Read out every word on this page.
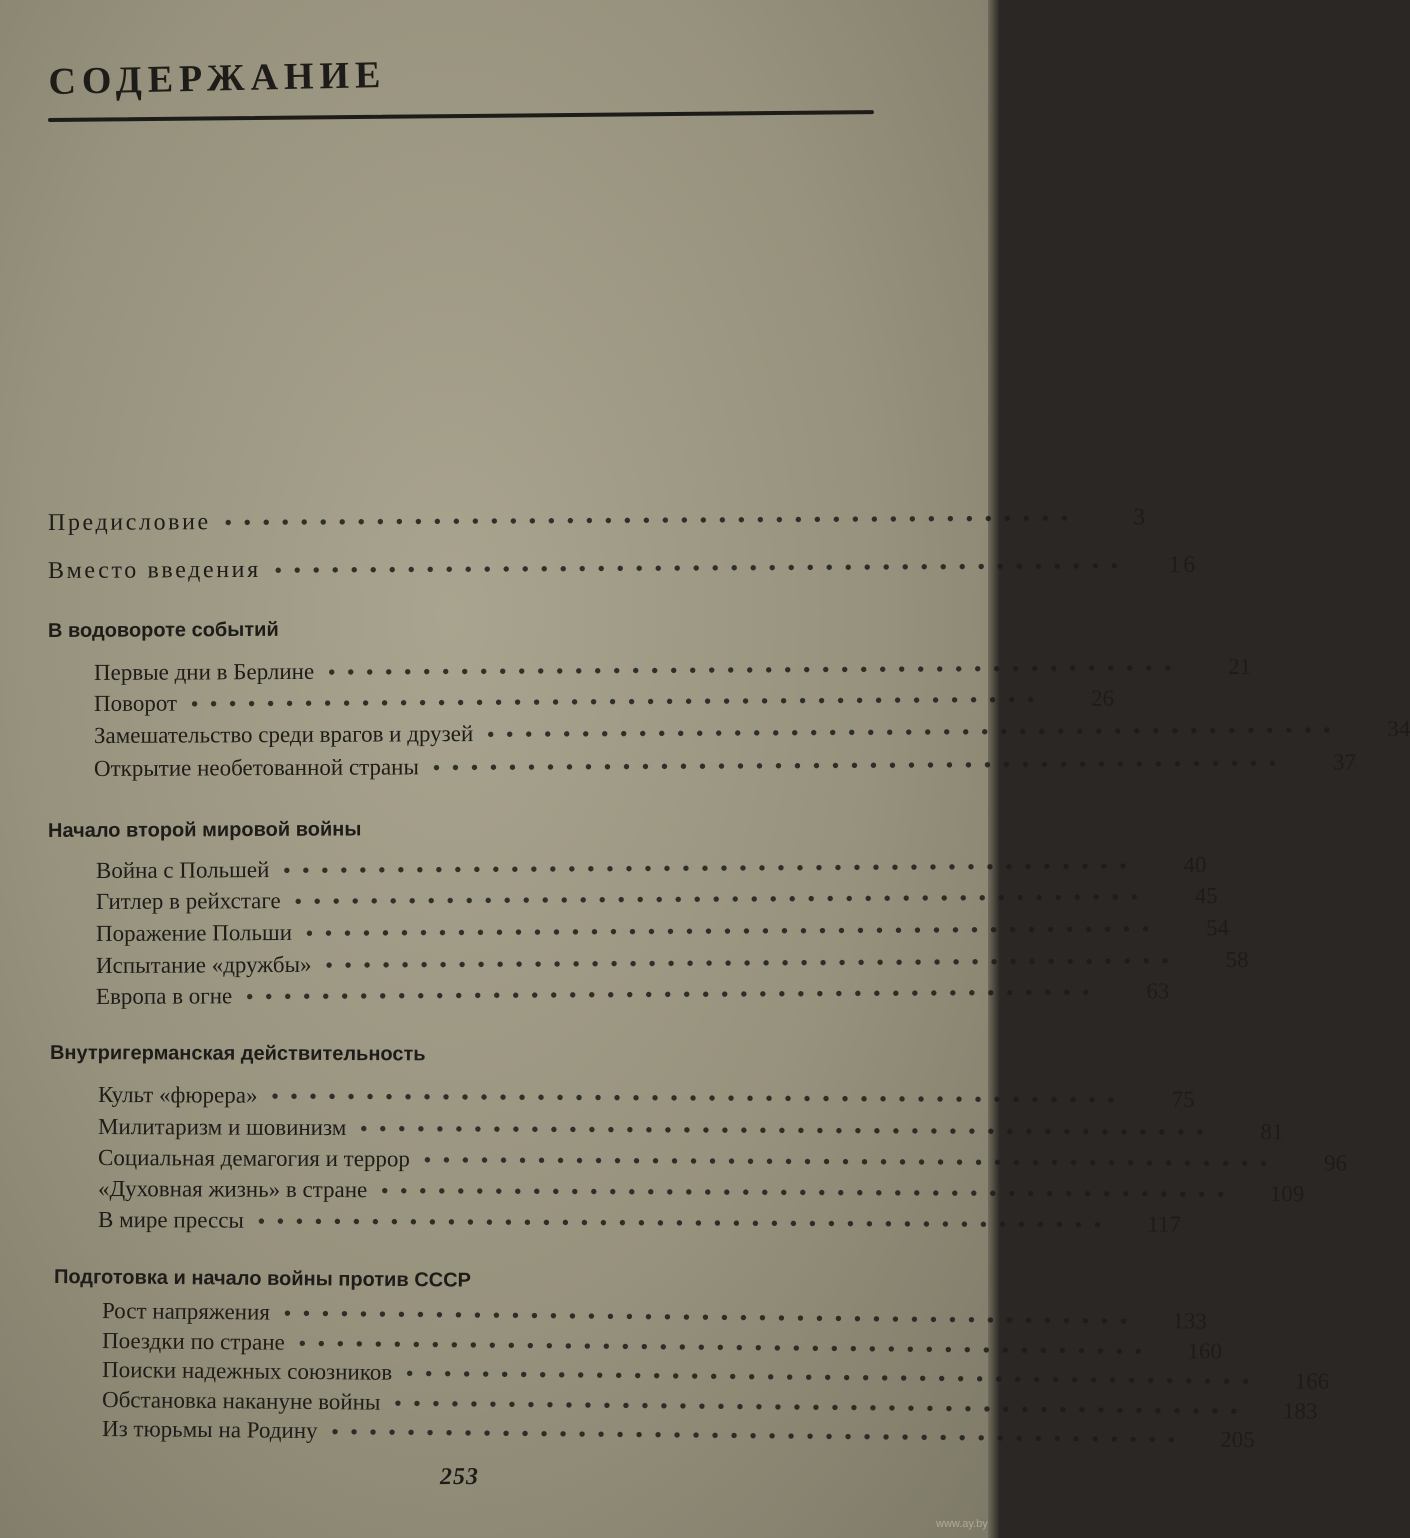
СОДЕРЖАНИЕ
Предисловие •••••••••••••••••••••••••••••••••••••••••••••	3
Вместо введения •••••••••••••••••••••••••••••••••••••••••••••	16
В водовороте событий
Первые дни в Берлине •••••••••••••••••••••••••••••••••••••••••••••	21
Поворот •••••••••••••••••••••••••••••••••••••••••••••	26
Замешательство среди врагов и друзей •••••••••••••••••••••••••••••••••••••••••••••	34
Открытие необетованной страны •••••••••••••••••••••••••••••••••••••••••••••	37
Начало второй мировой войны
Война с Польшей •••••••••••••••••••••••••••••••••••••••••••••	40
Гитлер в рейхстаге •••••••••••••••••••••••••••••••••••••••••••••	45
Поражение Польши •••••••••••••••••••••••••••••••••••••••••••••	54
Испытание «дружбы» •••••••••••••••••••••••••••••••••••••••••••••	58
Европа в огне •••••••••••••••••••••••••••••••••••••••••••••	63
Внутригерманская действительность
Культ «фюрера» •••••••••••••••••••••••••••••••••••••••••••••	75
Милитаризм и шовинизм •••••••••••••••••••••••••••••••••••••••••••••	81
Социальная демагогия и террор •••••••••••••••••••••••••••••••••••••••••••••	96
«Духовная жизнь» в стране •••••••••••••••••••••••••••••••••••••••••••••	109
В мире прессы •••••••••••••••••••••••••••••••••••••••••••••	117
Подготовка и начало войны против СССР
Рост напряжения •••••••••••••••••••••••••••••••••••••••••••••	133
Поездки по стране •••••••••••••••••••••••••••••••••••••••••••••	160
Поиски надежных союзников •••••••••••••••••••••••••••••••••••••••••••••	166
Обстановка накануне войны •••••••••••••••••••••••••••••••••••••••••••••	183
Из тюрьмы на Родину •••••••••••••••••••••••••••••••••••••••••••••	205
253
www.ay.by
